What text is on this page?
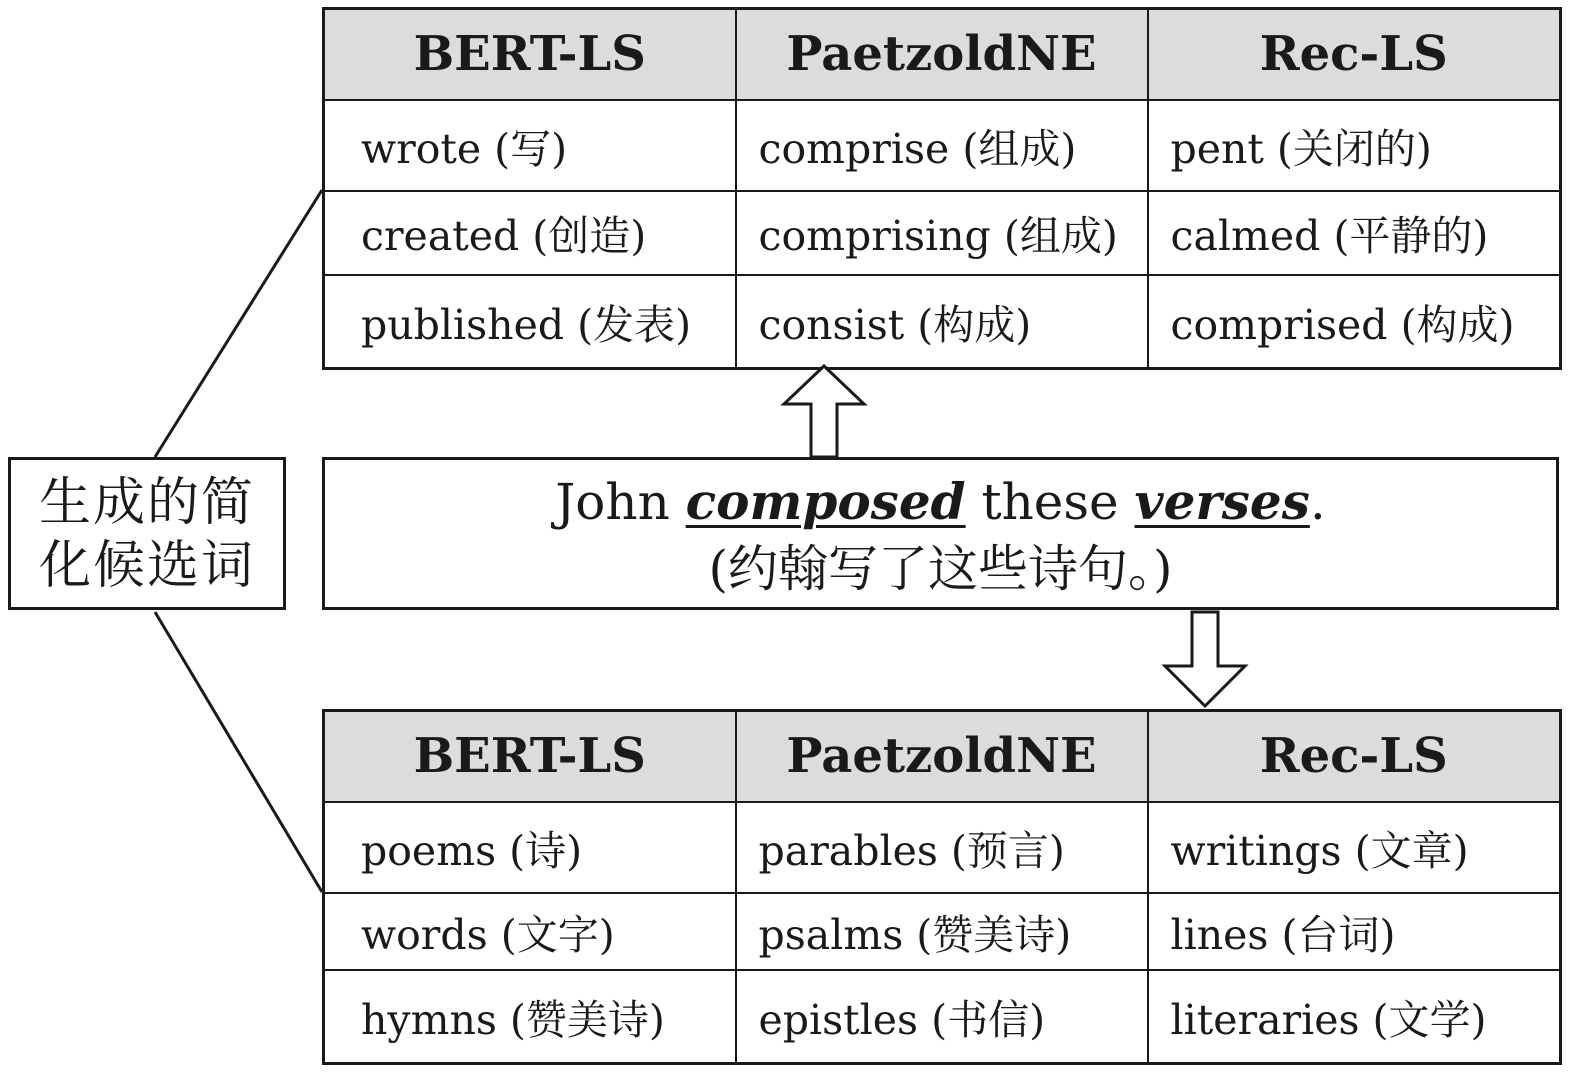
BERT-LS	PaetzoldNE	Rec-LS
wrote (写)	comprise (组成)	pent (关闭的)
created (创造)	comprising (组成)	calmed (平静的)
published (发表)	consist (构成)	comprised (构成)
生成的简
化候选词
John composed these verses.
(约翰写了这些诗句。)
BERT-LS	PaetzoldNE	Rec-LS
poems (诗)	parables (预言)	writings (文章)
words (文字)	psalms (赞美诗)	lines (台词)
hymns (赞美诗)	epistles (书信)	literaries (文学)
